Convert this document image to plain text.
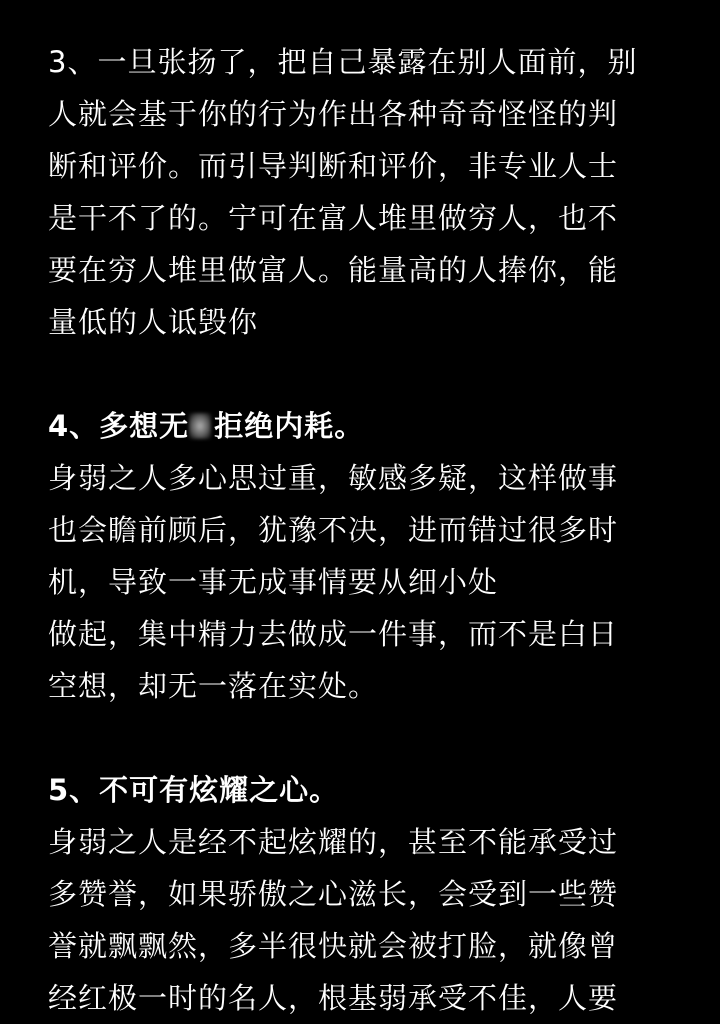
3、一旦张扬了，把自己暴露在别人面前，别
人就会基于你的行为作出各种奇奇怪怪的判
断和评价。而引导判断和评价，非专业人士
是干不了的。宁可在富人堆里做穷人，也不
要在穷人堆里做富人。能量高的人捧你，能
量低的人诋毁你
4、多想无 拒绝内耗。
身弱之人多心思过重，敏感多疑，这样做事
也会瞻前顾后，犹豫不决，进而错过很多时
机，导致一事无成事情要从细小处
做起，集中精力去做成一件事，而不是白日
空想，却无一落在实处。
5、不可有炫耀之心。
身弱之人是经不起炫耀的，甚至不能承受过
多赞誉，如果骄傲之心滋长，会受到一些赞
誉就飘飘然，多半很快就会被打脸，就像曾
经红极一时的名人，根基弱承受不佳，人要
